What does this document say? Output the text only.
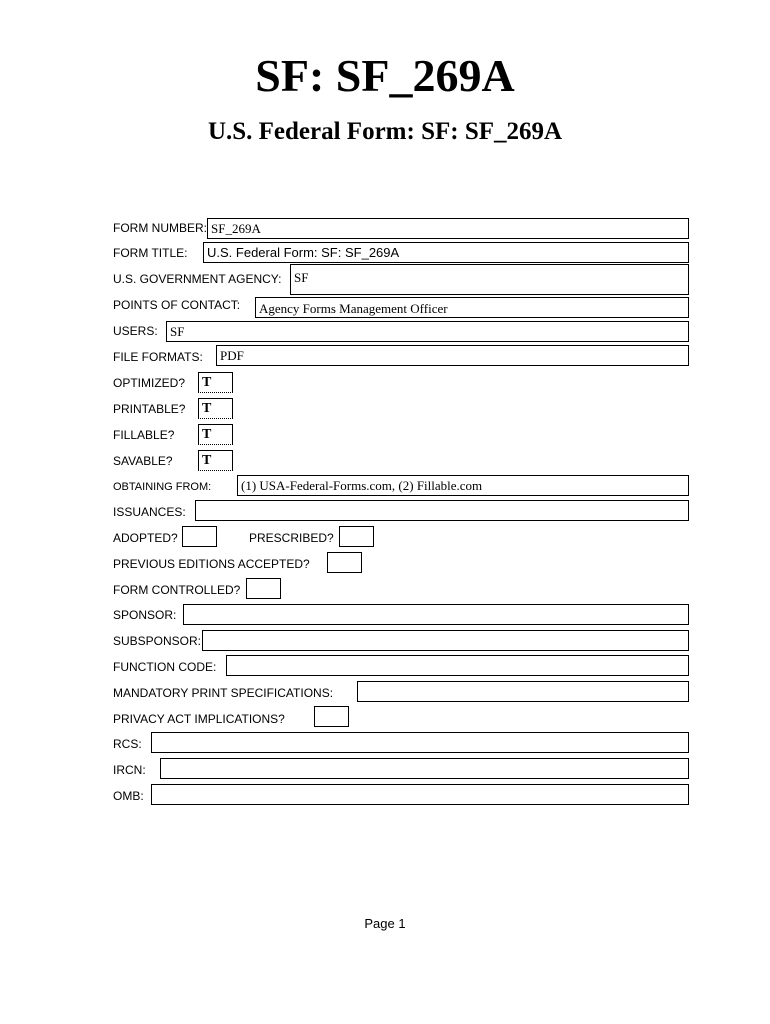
SF: SF_269A
U.S. Federal Form: SF: SF_269A
FORM NUMBER: SF_269A
FORM TITLE:	U.S. Federal Form: SF: SF_269A
U.S. GOVERNMENT AGENCY: SF
POINTS OF CONTACT:	Agency Forms Management Officer
USERS: SF
FILE FORMATS:	PDF
OPTIMIZED? T
PRINTABLE? T
FILLABLE? T
SAVABLE? T
OBTAINING FROM:	(1) USA-Federal-Forms.com, (2) Fillable.com
ISSUANCES:
ADOPTED?	PRESCRIBED?
PREVIOUS EDITIONS ACCEPTED?
FORM CONTROLLED?
SPONSOR:
SUBSPONSOR:
FUNCTION CODE:
MANDATORY PRINT SPECIFICATIONS:
PRIVACY ACT IMPLICATIONS?
RCS:
IRCN:
OMB:
Page 1
